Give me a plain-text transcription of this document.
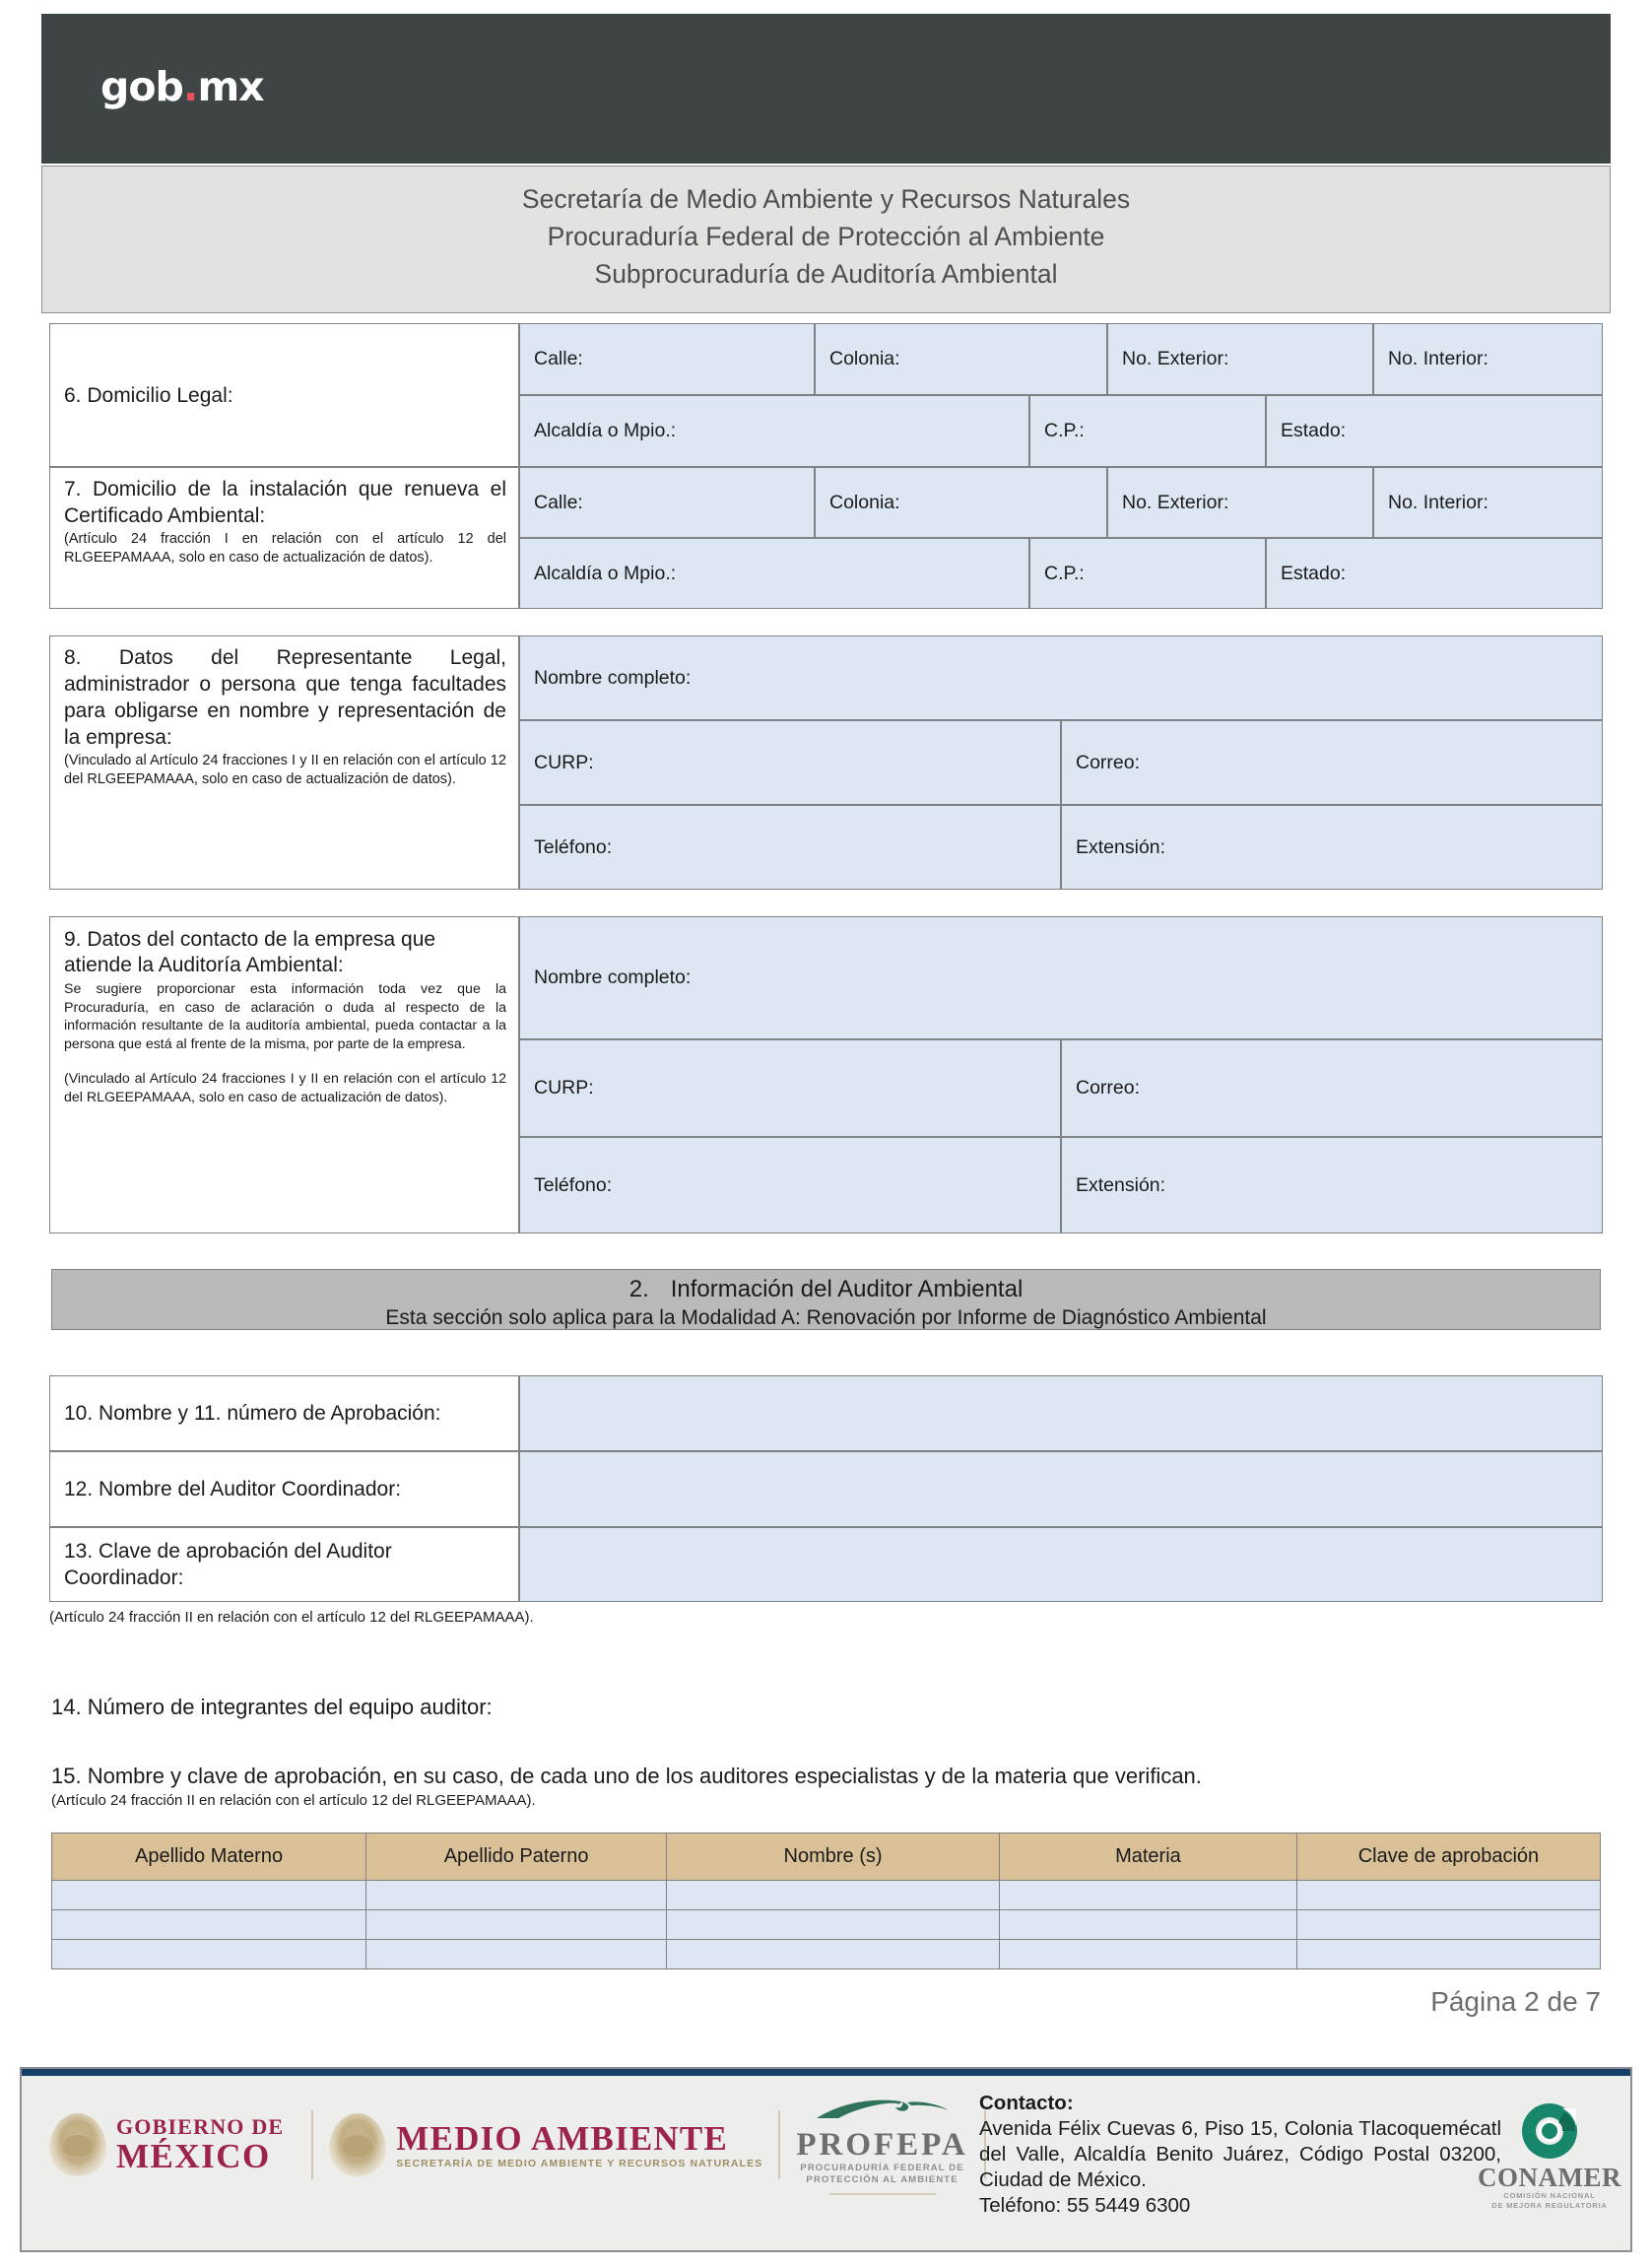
gob.mx
Secretaría de Medio Ambiente y Recursos Naturales
Procuraduría Federal de Protección al Ambiente
Subprocuraduría de Auditoría Ambiental
6. Domicilio Legal:
Calle:	Colonia:	No. Exterior:	No. Interior:
Alcaldía o Mpio.:	C.P.:	Estado:
7. Domicilio de la instalación que renueva el Certificado Ambiental:
(Artículo 24 fracción I en relación con el artículo 12 del RLGEEPAMAAA, solo en caso de actualización de datos).
Calle:	Colonia:	No. Exterior:	No. Interior:
Alcaldía o Mpio.:	C.P.:	Estado:
8. Datos del Representante Legal, administrador o persona que tenga facultades para obligarse en nombre y representación de la empresa:
(Vinculado al Artículo 24 fracciones I y II en relación con el artículo 12 del RLGEEPAMAAA, solo en caso de actualización de datos).
Nombre completo:
CURP:	Correo:
Teléfono:	Extensión:
9. Datos del contacto de la empresa que atiende la Auditoría Ambiental:
Se sugiere proporcionar esta información toda vez que la Procuraduría, en caso de aclaración o duda al respecto de la información resultante de la auditoría ambiental, pueda contactar a la persona que está al frente de la misma, por parte de la empresa.
(Vinculado al Artículo 24 fracciones I y II en relación con el artículo 12 del RLGEEPAMAAA, solo en caso de actualización de datos).
Nombre completo:
CURP:	Correo:
Teléfono:	Extensión:
2. Información del Auditor Ambiental
Esta sección solo aplica para la Modalidad A: Renovación por Informe de Diagnóstico Ambiental
10. Nombre y 11. número de Aprobación:
12. Nombre del Auditor Coordinador:
13. Clave de aprobación del Auditor Coordinador:
(Artículo 24 fracción II en relación con el artículo 12 del RLGEEPAMAAA).
14. Número de integrantes del equipo auditor:
15. Nombre y clave de aprobación, en su caso, de cada uno de los auditores especialistas y de la materia que verifican.
(Artículo 24 fracción II en relación con el artículo 12 del RLGEEPAMAAA).
Apellido Materno	Apellido Paterno	Nombre (s)	Materia	Clave de aprobación

Página 2 de 7
GOBIERNO DE
MÉXICO	MEDIO AMBIENTE
SECRETARÍA DE MEDIO AMBIENTE Y RECURSOS NATURALES
PROFEPA
PROCURADURÍA FEDERAL DE
PROTECCIÓN AL AMBIENTE
Contacto:
Avenida Félix Cuevas 6, Piso 15, Colonia Tlacoquemécatl del Valle, Alcaldía Benito Juárez, Código Postal 03200, Ciudad de México.
Teléfono: 55 5449 6300
CONAMER
COMISIÓN NACIONAL
DE MEJORA REGULATORIA
